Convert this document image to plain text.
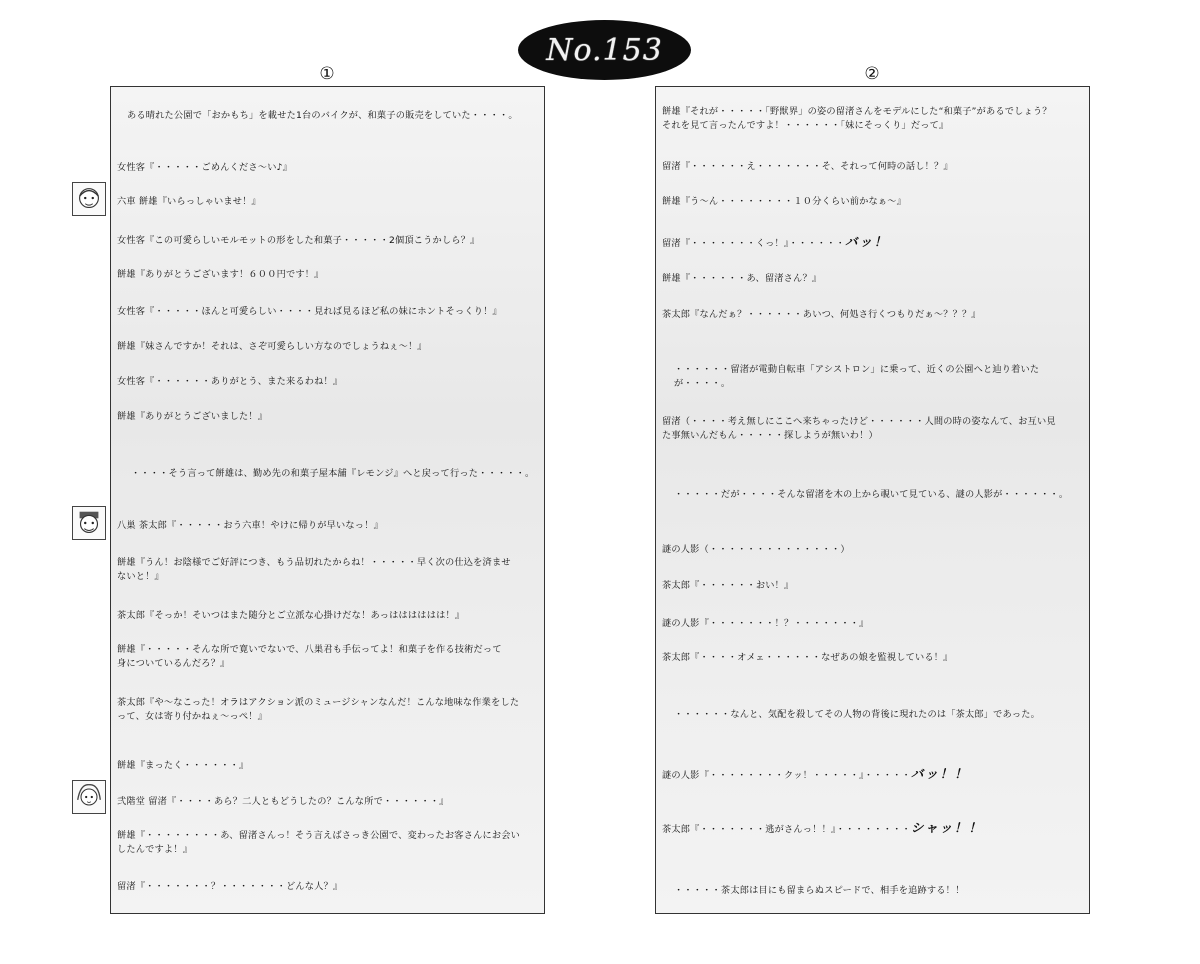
No.153
①	②
ある晴れた公園で「おかもち」を載せた1台のバイクが、和菓子の販売をしていた・・・・。
女性客『・・・・・ごめんくださ〜い♪』
六車 餅雄『いらっしゃいませ！』
女性客『この可愛らしいモルモットの形をした和菓子・・・・・2個頂こうかしら？』
餅雄『ありがとうございます！６００円です！』
女性客『・・・・・ほんと可愛らしい・・・・見れば見るほど私の妹にホントそっくり！』
餅雄『妹さんですか！それは、さぞ可愛らしい方なのでしょうねぇ〜！』
女性客『・・・・・・ありがとう、また来るわね！』
餅雄『ありがとうございました！』
・・・・そう言って餅雄は、勤め先の和菓子屋本舗『レモンジ』へと戻って行った・・・・・。
八巣 茶太郎『・・・・・おう六車！やけに帰りが早いなっ！』
餅雄『うん！お陰様でご好評につき、もう品切れたからね！・・・・・早く次の仕込を済ませ
ないと！』
茶太郎『そっか！そいつはまた随分とご立派な心掛けだな！あっはははははは！』
餅雄『・・・・・そんな所で寛いでないで、八巣君も手伝ってよ！和菓子を作る技術だって
身についているんだろ？』
茶太郎『や〜なこった！オラはアクション派のミュージシャンなんだ！こんな地味な作業をした
って、女は寄り付かねぇ〜っぺ！』
餅雄『まったく・・・・・・』
弐階堂 留渚『・・・・あら？二人ともどうしたの？こんな所で・・・・・・』
餅雄『・・・・・・・・あ、留渚さんっ！そう言えばさっき公園で、変わったお客さんにお会い
したんですよ！』
留渚『・・・・・・・？・・・・・・・どんな人？』
餅雄『それが・・・・・「野獣界」の姿の留渚さんをモデルにした“和菓子”があるでしょう？
それを見て言ったんですよ！・・・・・・「妹にそっくり」だって』
留渚『・・・・・・え・・・・・・・そ、それって何時の話し！？』
餅雄『う〜ん・・・・・・・・１０分くらい前かなぁ〜』
留渚『・・・・・・・くっ！』・・・・・・バッ！
餅雄『・・・・・・あ、留渚さん？』
茶太郎『なんだぁ？・・・・・・あいつ、何処さ行くつもりだぁ〜？？？』
・・・・・・留渚が電動自転車「アシストロン」に乗って、近くの公園へと辿り着いたが・・・・。
留渚（・・・・考え無しにここへ来ちゃったけど・・・・・・人間の時の姿なんて、お互い見
た事無いんだもん・・・・・探しようが無いわ！）
・・・・・だが・・・・そんな留渚を木の上から覗いて見ている、謎の人影が・・・・・・。
謎の人影（・・・・・・・・・・・・・・）
茶太郎『・・・・・・おい！』
謎の人影『・・・・・・・！？・・・・・・・』
茶太郎『・・・・オメェ・・・・・・なぜあの娘を監視している！』
・・・・・・なんと、気配を殺してその人物の背後に現れたのは「茶太郎」であった。
謎の人影『・・・・・・・・クッ！・・・・・』・・・・・バッ！！
茶太郎『・・・・・・・逃がさんっ！！』・・・・・・・・シャッ！！
・・・・・茶太郎は目にも留まらぬスピードで、相手を追跡する！！
